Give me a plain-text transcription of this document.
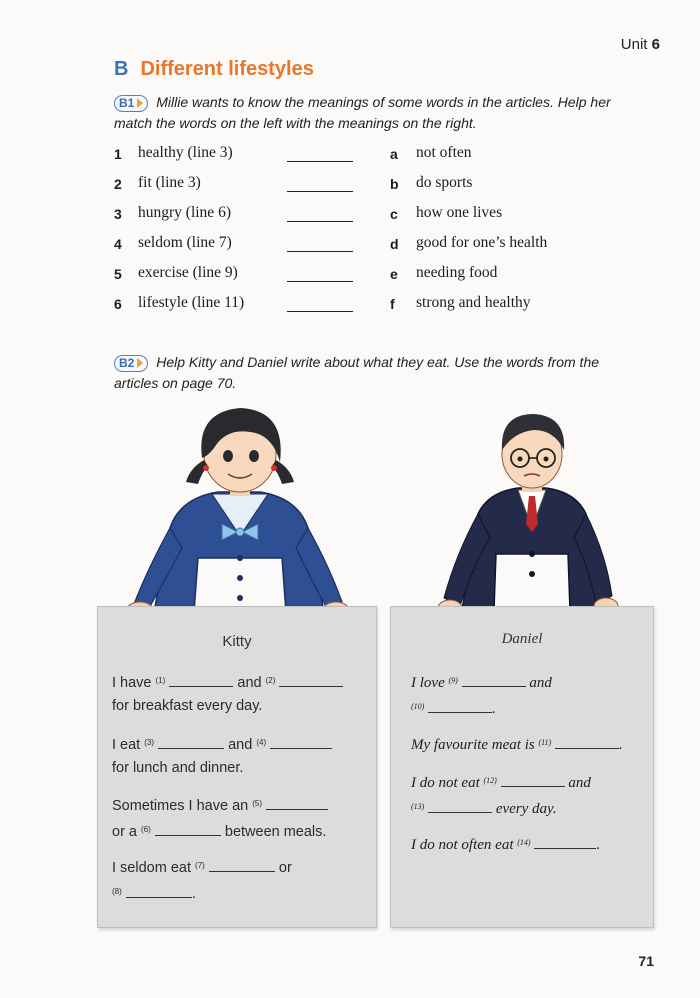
Unit 6
B Different lifestyles
B1 Millie wants to know the meanings of some words in the articles. Help her match the words on the left with the meanings on the right.
1 healthy (line 3)	a not often
2 fit (line 3)	b do sports
3 hungry (line 6)	c how one lives
4 seldom (line 7)	d good for one’s health
5 exercise (line 9)	e needing food
6 lifestyle (line 11)	f strong and healthy
B2 Help Kitty and Daniel write about what they eat. Use the words from the articles on page 70.
Kitty
I have $^{(1)}$	and $^{(2)}$
for breakfast every day.
I eat $^{(3)}$	and $^{(4)}$
for lunch and dinner.
Sometimes I have an $^{(5)}$
or a $^{(6)}$	between meals.
I seldom eat $^{(7)}$	or
$^{(8)}$	.
Daniel
I love $^{(9)}$	and
$^{(10)}$	.
My favourite meat is $^{(11)}$	.
I do not eat $^{(12)}$	and
$^{(13)}$	every day.
I do not often eat $^{(14)}$	.
71
